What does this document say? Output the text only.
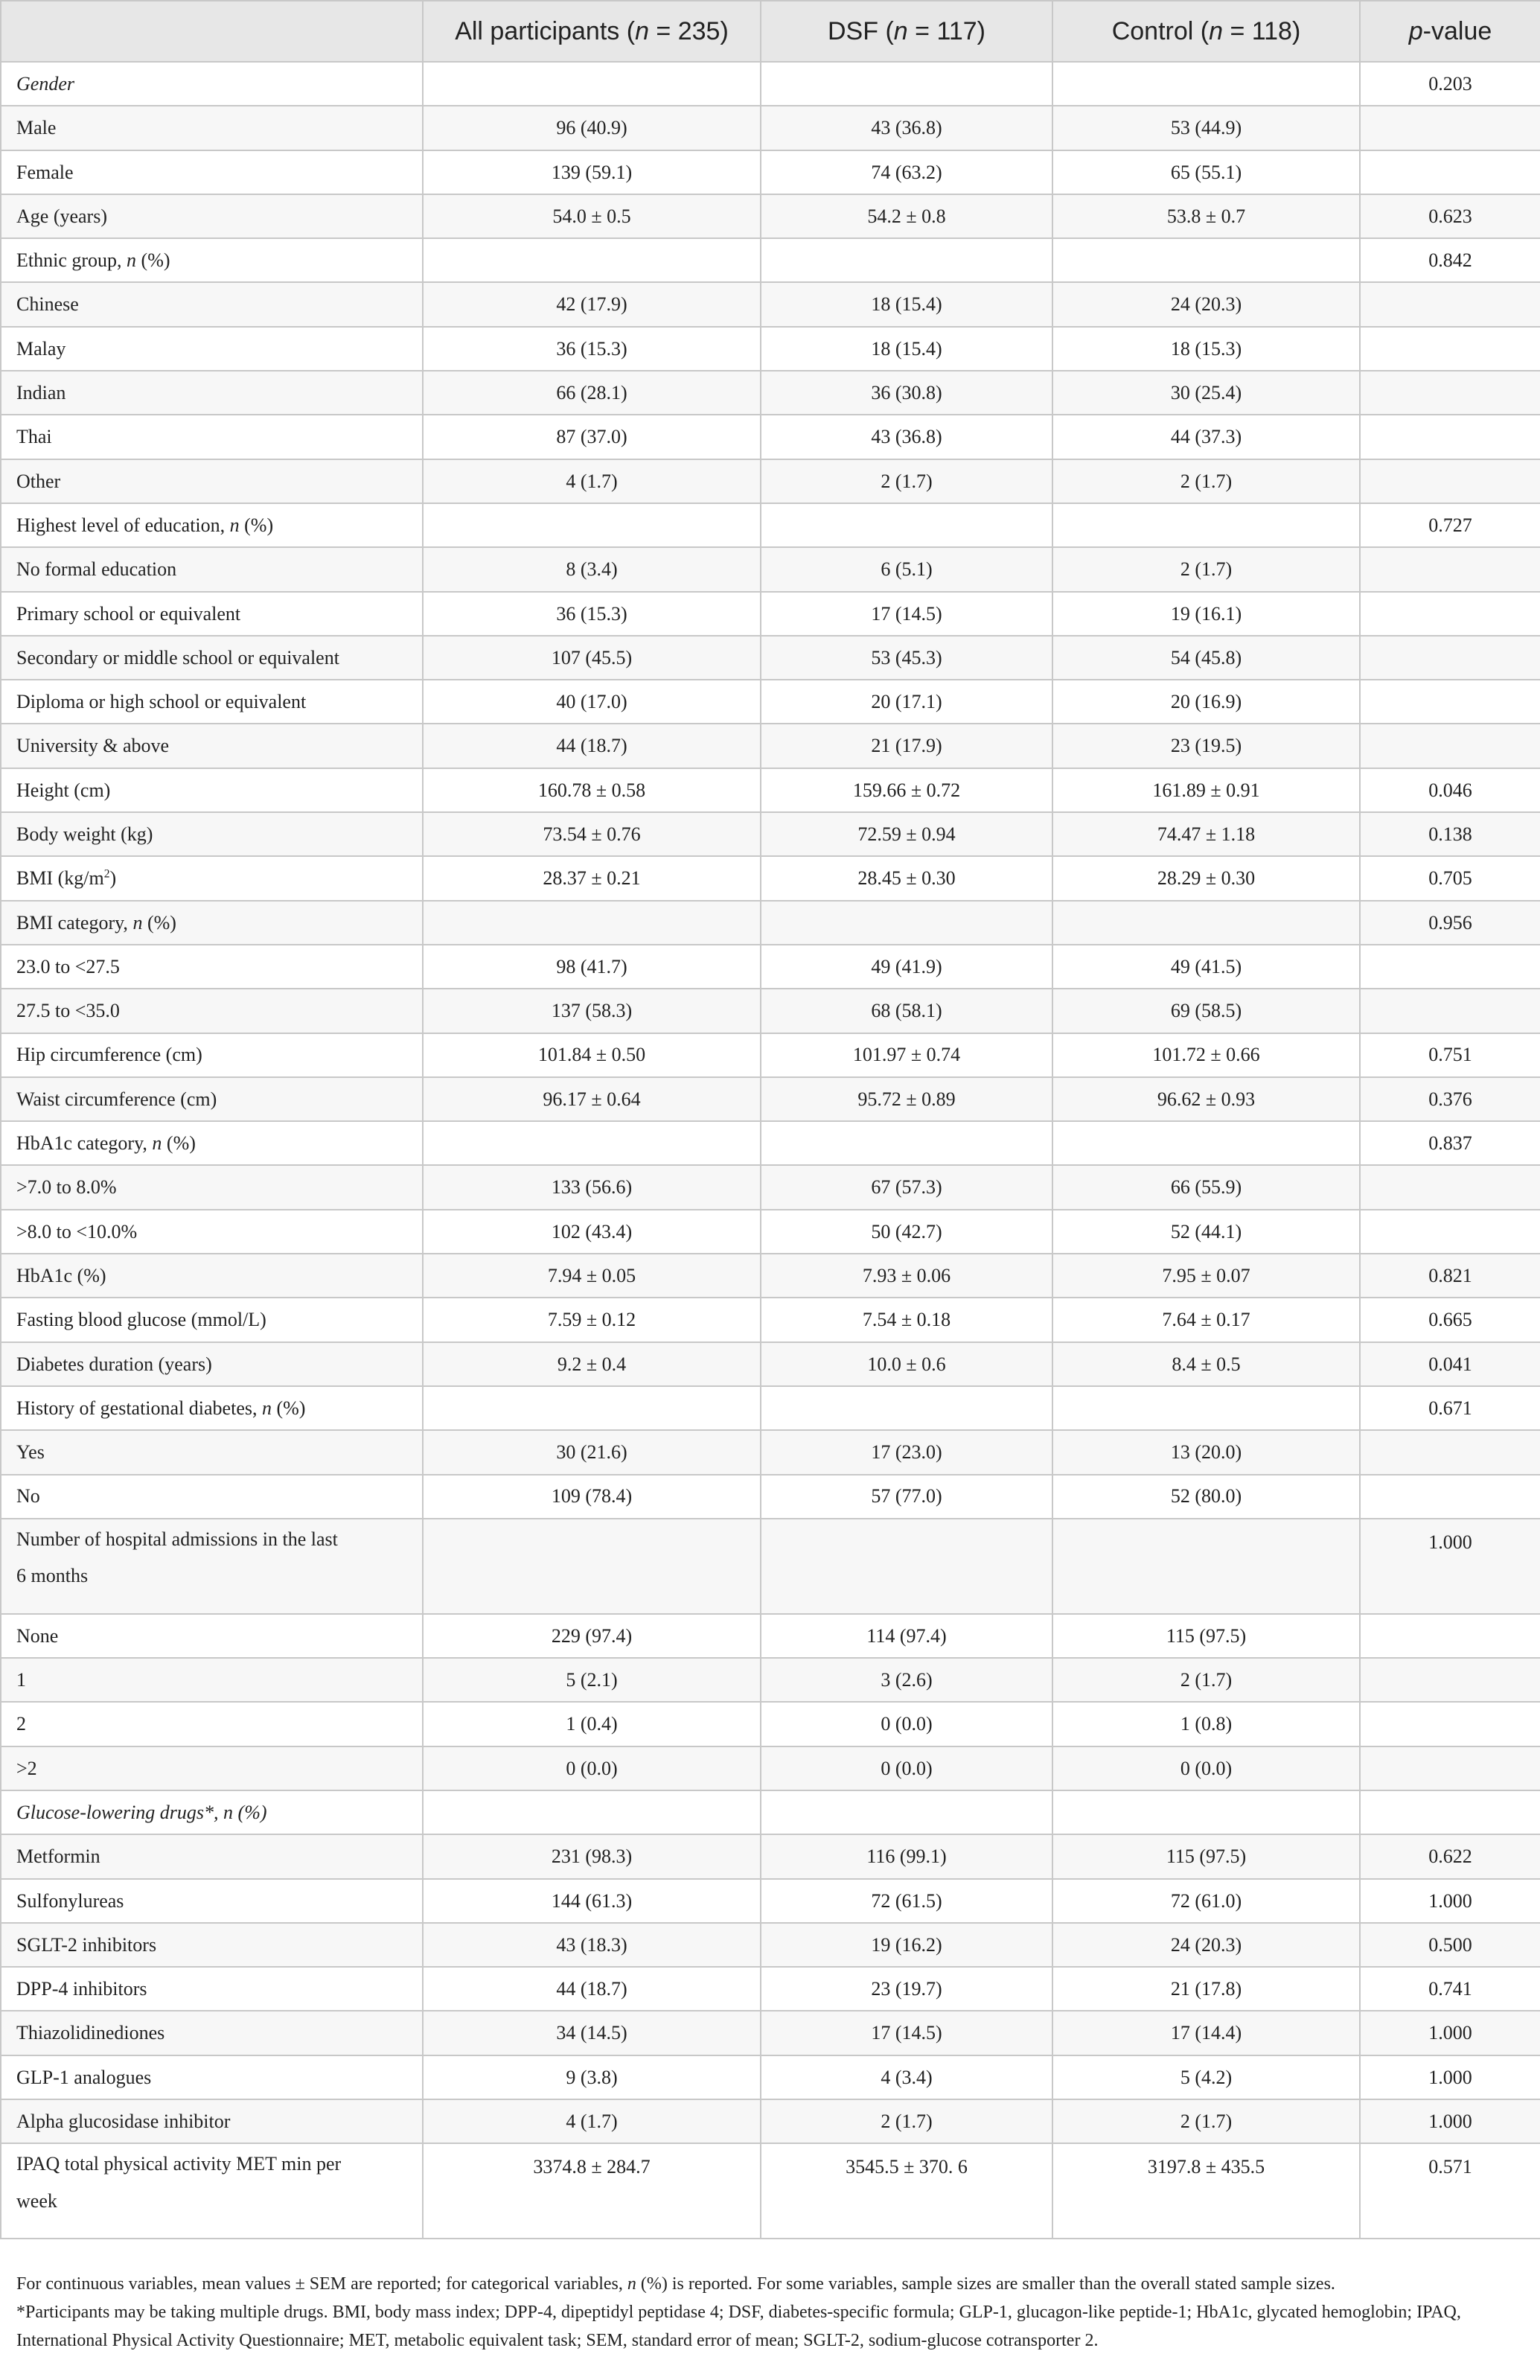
	All participants (n = 235)	DSF (n = 117)	Control (n = 118)	p-value
Gender				0.203
Male	96 (40.9)	43 (36.8)	53 (44.9)	
Female	139 (59.1)	74 (63.2)	65 (55.1)	
Age (years)	54.0 ± 0.5	54.2 ± 0.8	53.8 ± 0.7	0.623
Ethnic group, n (%)				0.842
Chinese	42 (17.9)	18 (15.4)	24 (20.3)	
Malay	36 (15.3)	18 (15.4)	18 (15.3)	
Indian	66 (28.1)	36 (30.8)	30 (25.4)	
Thai	87 (37.0)	43 (36.8)	44 (37.3)	
Other	4 (1.7)	2 (1.7)	2 (1.7)	
Highest level of education, n (%)				0.727
No formal education	8 (3.4)	6 (5.1)	2 (1.7)	
Primary school or equivalent	36 (15.3)	17 (14.5)	19 (16.1)	
Secondary or middle school or equivalent	107 (45.5)	53 (45.3)	54 (45.8)	
Diploma or high school or equivalent	40 (17.0)	20 (17.1)	20 (16.9)	
University & above	44 (18.7)	21 (17.9)	23 (19.5)	
Height (cm)	160.78 ± 0.58	159.66 ± 0.72	161.89 ± 0.91	0.046
Body weight (kg)	73.54 ± 0.76	72.59 ± 0.94	74.47 ± 1.18	0.138
BMI $(kg/m^2)$	28.37 ± 0.21	28.45 ± 0.30	28.29 ± 0.30	0.705
BMI category, n (%)				0.956
23.0 to <27.5	98 (41.7)	49 (41.9)	49 (41.5)	
27.5 to <35.0	137 (58.3)	68 (58.1)	69 (58.5)	
Hip circumference (cm)	101.84 ± 0.50	101.97 ± 0.74	101.72 ± 0.66	0.751
Waist circumference (cm)	96.17 ± 0.64	95.72 ± 0.89	96.62 ± 0.93	0.376
HbA1c category, n (%)				0.837
>7.0 to 8.0%	133 (56.6)	67 (57.3)	66 (55.9)	
>8.0 to <10.0%	102 (43.4)	50 (42.7)	52 (44.1)	
HbA1c (%)	7.94 ± 0.05	7.93 ± 0.06	7.95 ± 0.07	0.821
Fasting blood glucose (mmol/L)	7.59 ± 0.12	7.54 ± 0.18	7.64 ± 0.17	0.665
Diabetes duration (years)	9.2 ± 0.4	10.0 ± 0.6	8.4 ± 0.5	0.041
History of gestational diabetes, n (%)				0.671
Yes	30 (21.6)	17 (23.0)	13 (20.0)	
No	109 (78.4)	57 (77.0)	52 (80.0)	
Number of hospital admissions in the last
6 months				1.000
None	229 (97.4)	114 (97.4)	115 (97.5)	
1	5 (2.1)	3 (2.6)	2 (1.7)	
2	1 (0.4)	0 (0.0)	1 (0.8)	
>2	0 (0.0)	0 (0.0)	0 (0.0)	
Glucose-lowering drugs*, n (%)				
Metformin	231 (98.3)	116 (99.1)	115 (97.5)	0.622
Sulfonylureas	144 (61.3)	72 (61.5)	72 (61.0)	1.000
SGLT-2 inhibitors	43 (18.3)	19 (16.2)	24 (20.3)	0.500
DPP-4 inhibitors	44 (18.7)	23 (19.7)	21 (17.8)	0.741
Thiazolidinediones	34 (14.5)	17 (14.5)	17 (14.4)	1.000
GLP-1 analogues	9 (3.8)	4 (3.4)	5 (4.2)	1.000
Alpha glucosidase inhibitor	4 (1.7)	2 (1.7)	2 (1.7)	1.000
IPAQ total physical activity MET min per
week	3374.8 ± 284.7	3545.5 ± 370. 6	3197.8 ± 435.5	0.571

For continuous variables, mean values ± SEM are reported; for categorical variables, n (%) is reported. For some variables, sample sizes are smaller than the overall stated sample sizes.

*Participants may be taking multiple drugs. BMI, body mass index; DPP-4, dipeptidyl peptidase 4; DSF, diabetes-specific formula; GLP-1, glucagon-like peptide-1; HbA1c, glycated hemoglobin; IPAQ, International Physical Activity Questionnaire; MET, metabolic equivalent task; SEM, standard error of mean; SGLT-2, sodium-glucose cotransporter 2.
